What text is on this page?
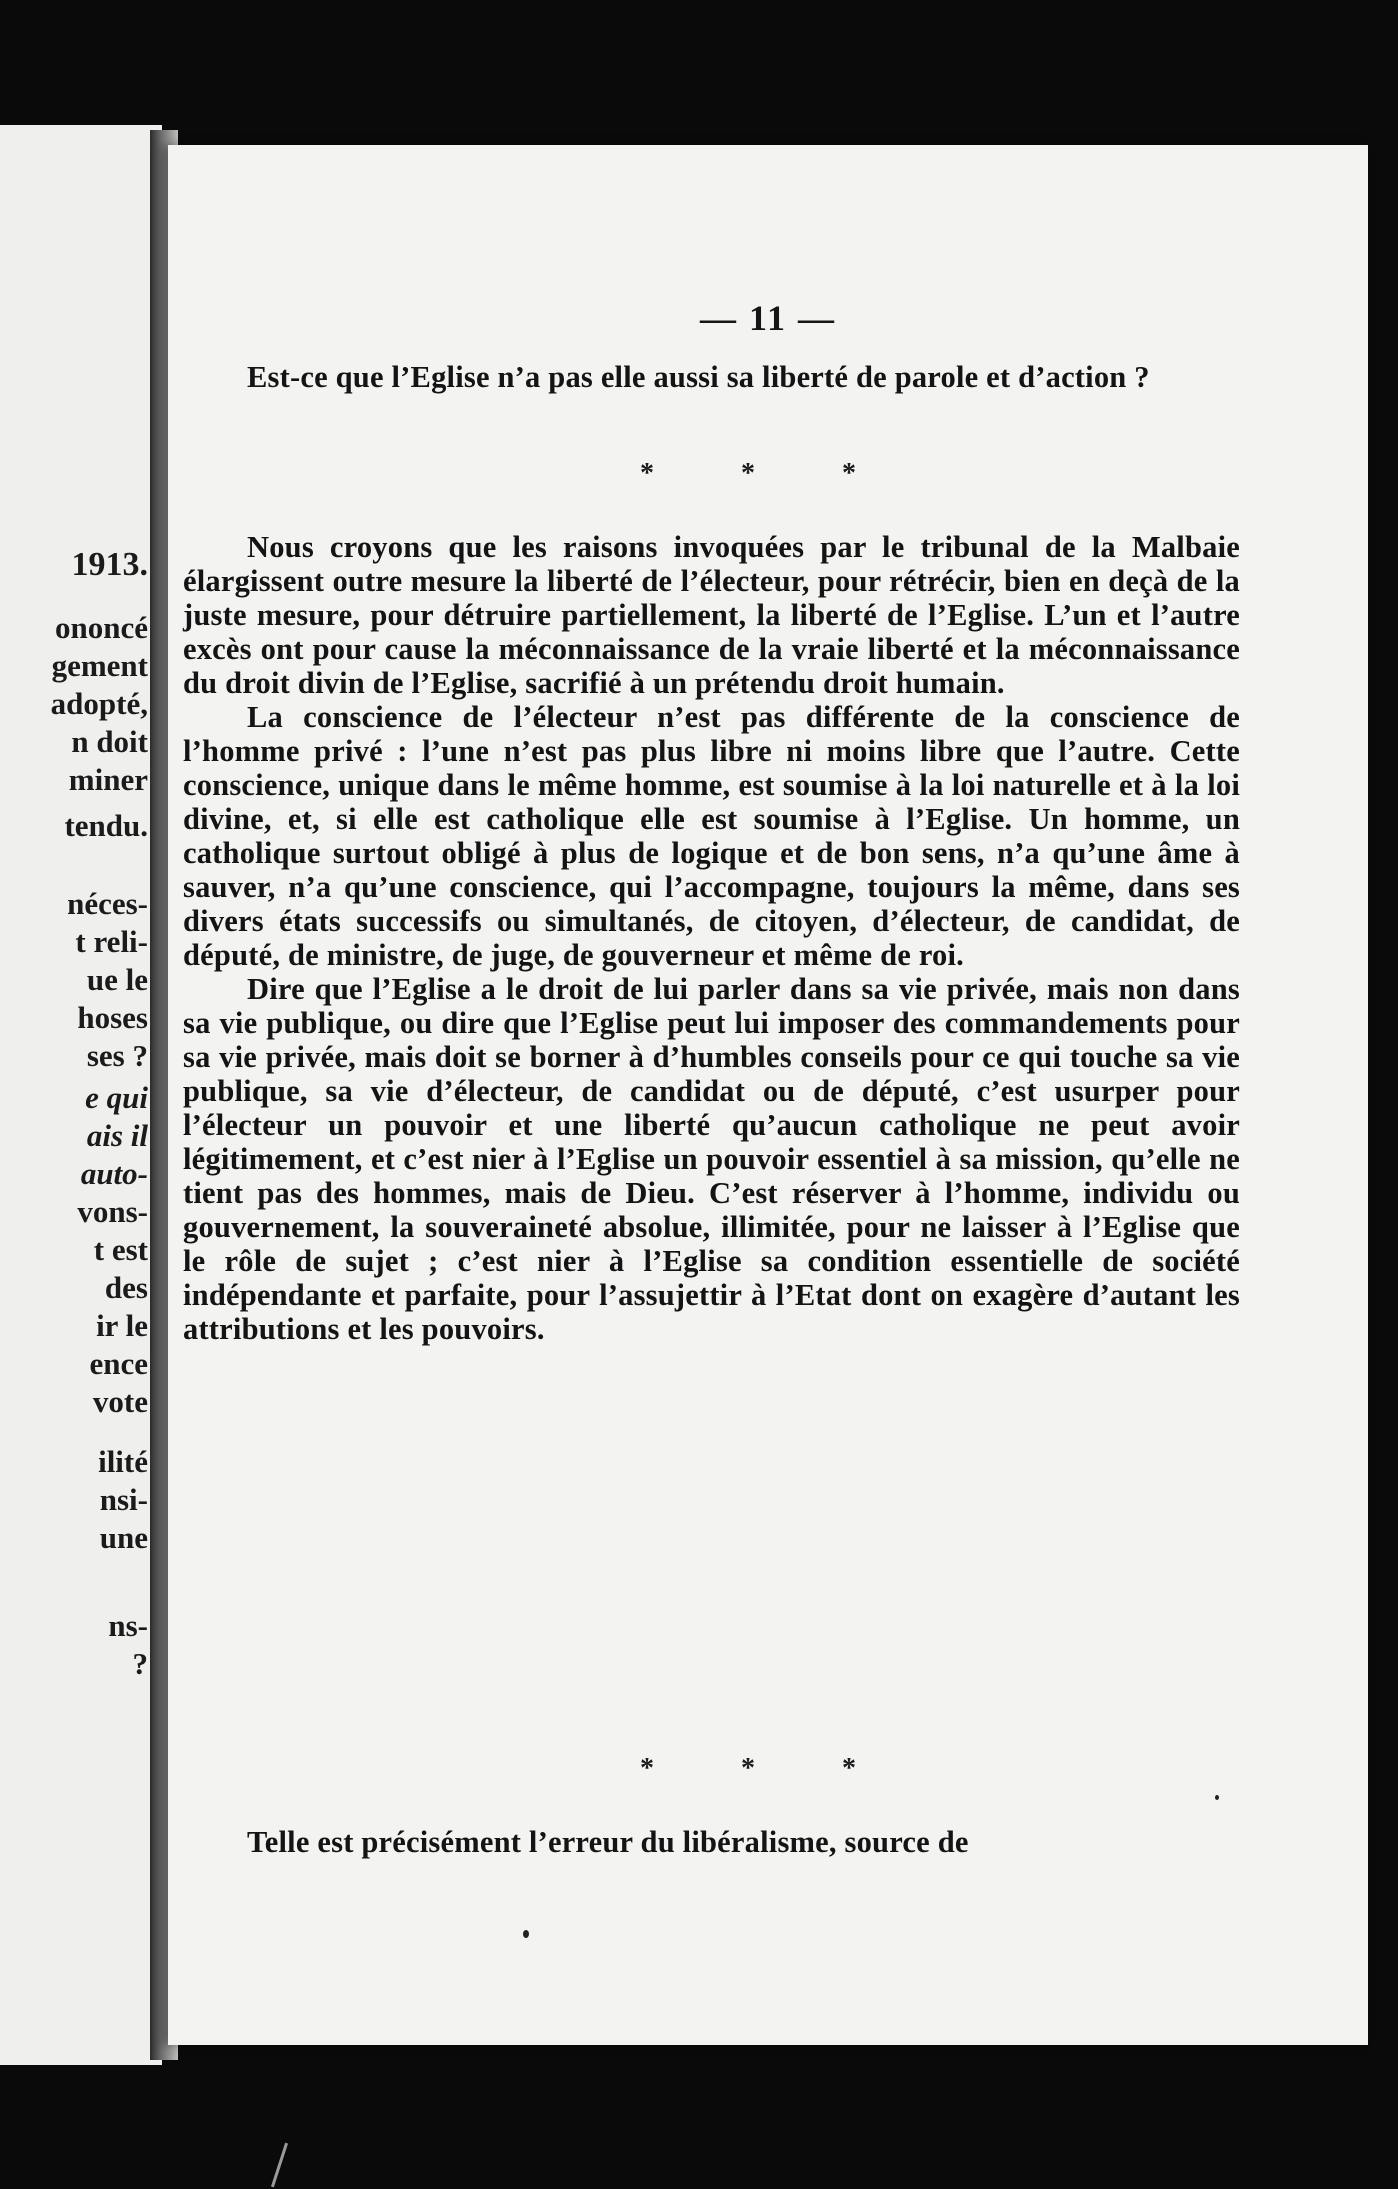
1913.
ononcé
gement
adopté,
n doit
miner
tendu.
néces-
t reli-
ue le
hoses
ses ?
e qui
ais il
auto-
vons-
t est
des
ir le
ence
vote
ilité
nsi-
une
ns-
?
— 11 —

Est-ce que l’Eglise n’a pas elle aussi sa liberté de parole et d’action ?

* * *

Nous croyons que les raisons invoquées par le tribunal de la Malbaie élargissent outre mesure la liberté de l’électeur, pour rétrécir, bien en deçà de la juste mesure, pour détruire partiellement, la liberté de l’Eglise. L’un et l’autre excès ont pour cause la méconnaissance de la vraie liberté et la méconnaissance du droit divin de l’Eglise, sacrifié à un prétendu droit humain.

La conscience de l’électeur n’est pas différente de la conscience de l’homme privé : l’une n’est pas plus libre ni moins libre que l’autre. Cette conscience, unique dans le même homme, est soumise à la loi naturelle et à la loi divine, et, si elle est catholique elle est soumise à l’Eglise. Un homme, un catholique surtout obligé à plus de logique et de bon sens, n’a qu’une âme à sauver, n’a qu’une conscience, qui l’accompagne, toujours la même, dans ses divers états successifs ou simultanés, de citoyen, d’électeur, de candidat, de député, de ministre, de juge, de gouverneur et même de roi.

Dire que l’Eglise a le droit de lui parler dans sa vie privée, mais non dans sa vie publique, ou dire que l’Eglise peut lui imposer des commandements pour sa vie privée, mais doit se borner à d’humbles conseils pour ce qui touche sa vie publique, sa vie d’électeur, de candidat ou de député, c’est usurper pour l’électeur un pouvoir et une liberté qu’aucun catholique ne peut avoir légitimement, et c’est nier à l’Eglise un pouvoir essentiel à sa mission, qu’elle ne tient pas des hommes, mais de Dieu. C’est réserver à l’homme, individu ou gouvernement, la souveraineté absolue, illimitée, pour ne laisser à l’Eglise que le rôle de sujet ; c’est nier à l’Eglise sa condition essentielle de société indépendante et parfaite, pour l’assujettir à l’Etat dont on exagère d’autant les attributions et les pouvoirs.

* * *

Telle est précisément l’erreur du libéralisme, source de
